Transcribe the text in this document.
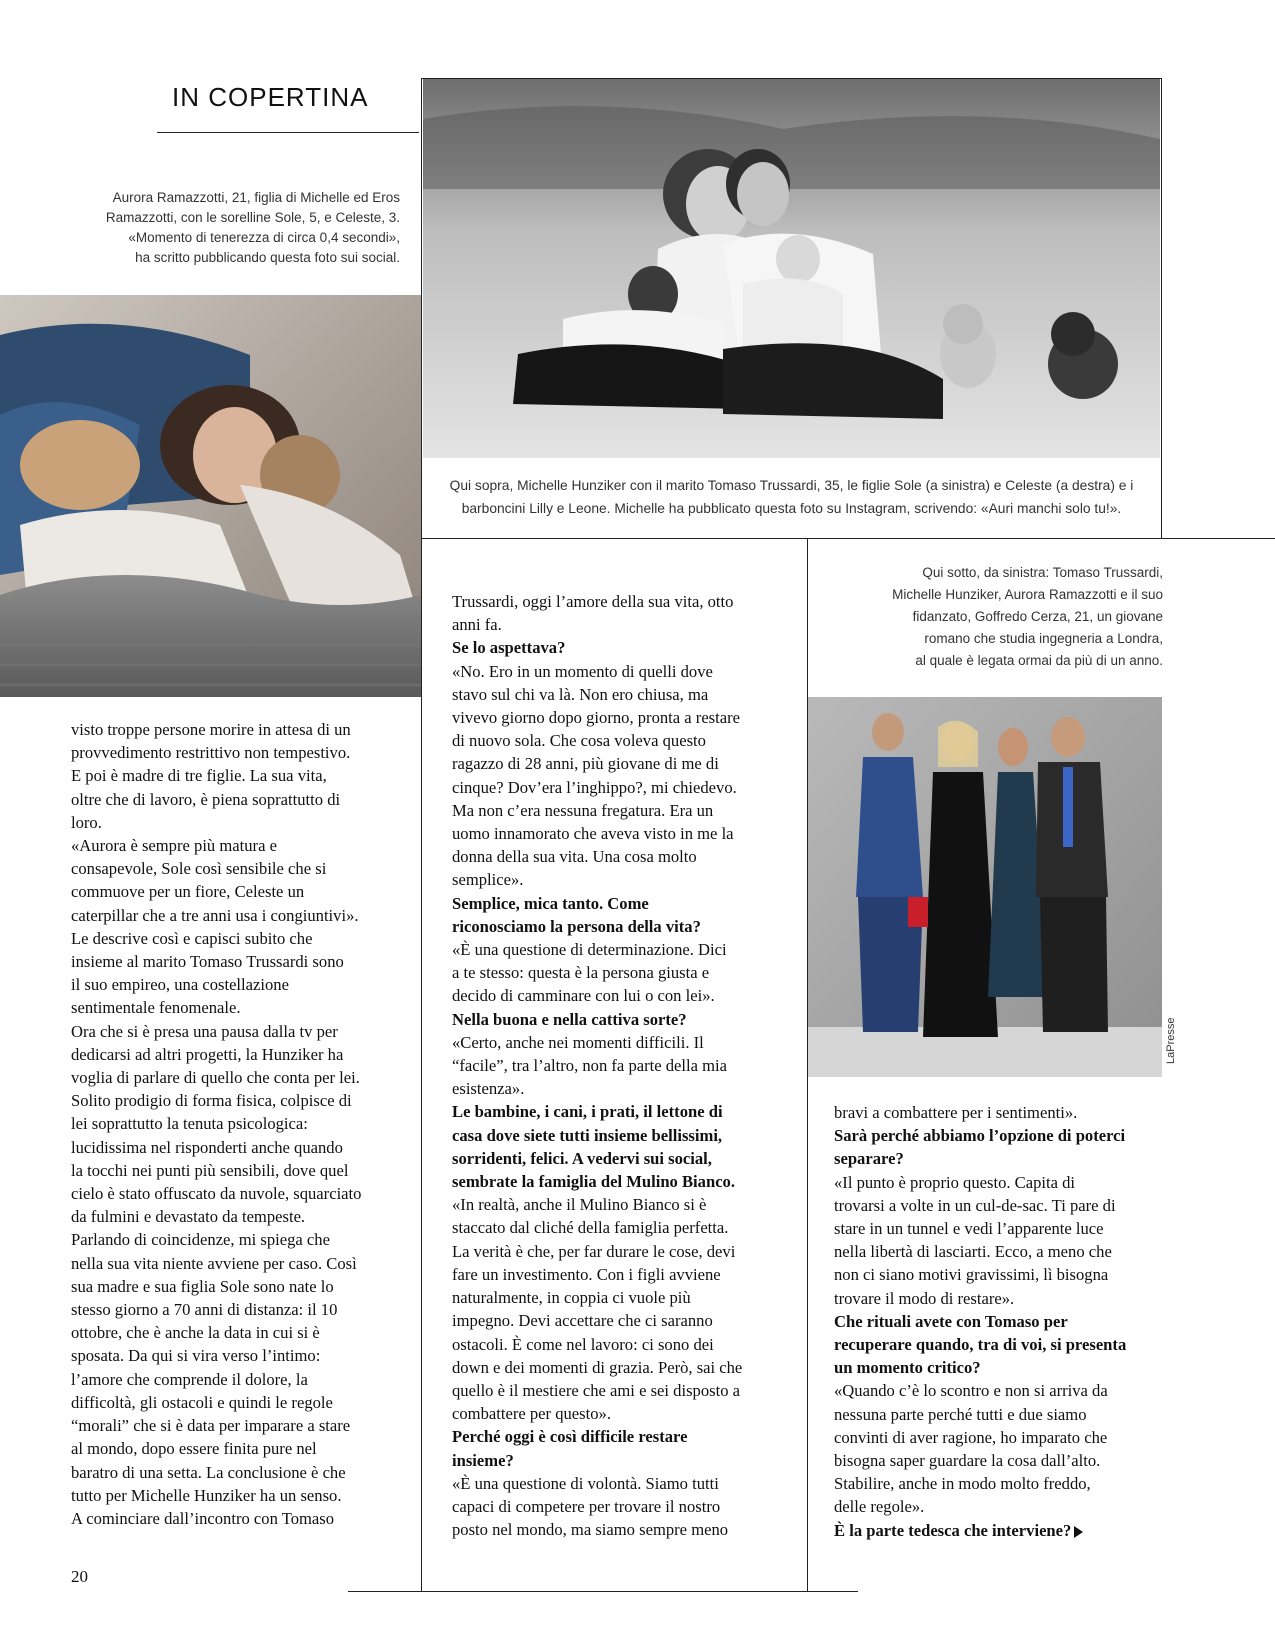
IN COPERTINA
Aurora Ramazzotti, 21, figlia di Michelle ed Eros
Ramazzotti, con le sorelline Sole, 5, e Celeste, 3.
«Momento di tenerezza di circa 0,4 secondi»,
ha scritto pubblicando questa foto sui social.
Qui sopra, Michelle Hunziker con il marito Tomaso Trussardi, 35, le figlie Sole (a sinistra) e Celeste (a destra) e i
barboncini Lilly e Leone. Michelle ha pubblicato questa foto su Instagram, scrivendo: «Auri manchi solo tu!».
Qui sotto, da sinistra: Tomaso Trussardi,
Michelle Hunziker, Aurora Ramazzotti e il suo
fidanzato, Goffredo Cerza, 21, un giovane
romano che studia ingegneria a Londra,
al quale è legata ormai da più di un anno.
LaPresse

visto troppe persone morire in attesa di un

provvedimento restrittivo non tempestivo.

E poi è madre di tre figlie. La sua vita,

oltre che di lavoro, è piena soprattutto di

loro.

«Aurora è sempre più matura e

consapevole, Sole così sensibile che si

commuove per un fiore, Celeste un

caterpillar che a tre anni usa i congiuntivi».

Le descrive così e capisci subito che

insieme al marito Tomaso Trussardi sono

il suo empireo, una costellazione

sentimentale fenomenale.

Ora che si è presa una pausa dalla tv per

dedicarsi ad altri progetti, la Hunziker ha

voglia di parlare di quello che conta per lei.

Solito prodigio di forma fisica, colpisce di

lei soprattutto la tenuta psicologica:

lucidissima nel risponderti anche quando

la tocchi nei punti più sensibili, dove quel

cielo è stato offuscato da nuvole, squarciato

da fulmini e devastato da tempeste.

Parlando di coincidenze, mi spiega che

nella sua vita niente avviene per caso. Così

sua madre e sua figlia Sole sono nate lo

stesso giorno a 70 anni di distanza: il 10

ottobre, che è anche la data in cui si è

sposata. Da qui si vira verso l’intimo:

l’amore che comprende il dolore, la

difficoltà, gli ostacoli e quindi le regole

“morali” che si è data per imparare a stare

al mondo, dopo essere finita pure nel

baratro di una setta. La conclusione è che

tutto per Michelle Hunziker ha un senso.

A cominciare dall’incontro con Tomaso

Trussardi, oggi l’amore della sua vita, otto

anni fa.

Se lo aspettava?

«No. Ero in un momento di quelli dove

stavo sul chi va là. Non ero chiusa, ma

vivevo giorno dopo giorno, pronta a restare

di nuovo sola. Che cosa voleva questo

ragazzo di 28 anni, più giovane di me di

cinque? Dov’era l’inghippo?, mi chiedevo.

Ma non c’era nessuna fregatura. Era un

uomo innamorato che aveva visto in me la

donna della sua vita. Una cosa molto

semplice».

Semplice, mica tanto. Come

riconosciamo la persona della vita?

«È una questione di determinazione. Dici

a te stesso: questa è la persona giusta e

decido di camminare con lui o con lei».

Nella buona e nella cattiva sorte?

«Certo, anche nei momenti difficili. Il

“facile”, tra l’altro, non fa parte della mia

esistenza».

Le bambine, i cani, i prati, il lettone di

casa dove siete tutti insieme bellissimi,

sorridenti, felici. A vedervi sui social,

sembrate la famiglia del Mulino Bianco.

«In realtà, anche il Mulino Bianco si è

staccato dal cliché della famiglia perfetta.

La verità è che, per far durare le cose, devi

fare un investimento. Con i figli avviene

naturalmente, in coppia ci vuole più

impegno. Devi accettare che ci saranno

ostacoli. È come nel lavoro: ci sono dei

down e dei momenti di grazia. Però, sai che

quello è il mestiere che ami e sei disposto a

combattere per questo».

Perché oggi è così difficile restare

insieme?

«È una questione di volontà. Siamo tutti

capaci di competere per trovare il nostro

posto nel mondo, ma siamo sempre meno

bravi a combattere per i sentimenti».

Sarà perché abbiamo l’opzione di poterci

separare?

«Il punto è proprio questo. Capita di

trovarsi a volte in un cul-de-sac. Ti pare di

stare in un tunnel e vedi l’apparente luce

nella libertà di lasciarti. Ecco, a meno che

non ci siano motivi gravissimi, lì bisogna

trovare il modo di restare».

Che rituali avete con Tomaso per

recuperare quando, tra di voi, si presenta

un momento critico?

«Quando c’è lo scontro e non si arriva da

nessuna parte perché tutti e due siamo

convinti di aver ragione, ho imparato che

bisogna saper guardare la cosa dall’alto.

Stabilire, anche in modo molto freddo,

delle regole».

È la parte tedesca che interviene?

20
